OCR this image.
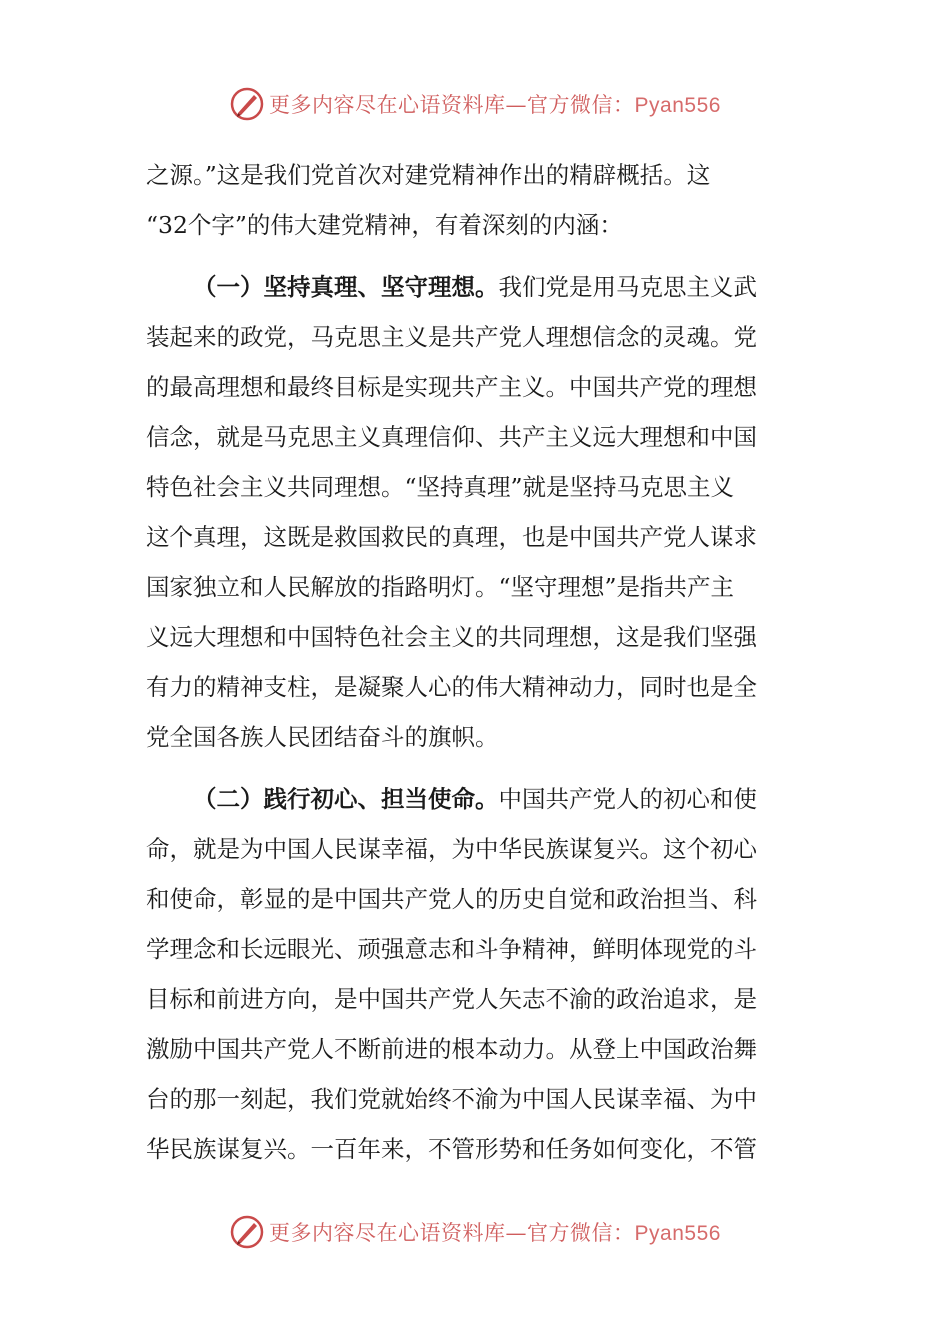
更多内容尽在心语资料库—官方微信：Pyan556
之源。”这是我们党首次对建党精神作出的精辟概括。这
“32个字”的伟大建党精神，有着深刻的内涵：
  （一）坚持真理、坚守理想。我们党是用马克思主义武
装起来的政党，马克思主义是共产党人理想信念的灵魂。党
的最高理想和最终目标是实现共产主义。中国共产党的理想
信念，就是马克思主义真理信仰、共产主义远大理想和中国
特色社会主义共同理想。“坚持真理”就是坚持马克思主义
这个真理，这既是救国救民的真理，也是中国共产党人谋求
国家独立和人民解放的指路明灯。“坚守理想”是指共产主
义远大理想和中国特色社会主义的共同理想，这是我们坚强
有力的精神支柱，是凝聚人心的伟大精神动力，同时也是全
党全国各族人民团结奋斗的旗帜。
  （二）践行初心、担当使命。中国共产党人的初心和使
命，就是为中国人民谋幸福，为中华民族谋复兴。这个初心
和使命，彰显的是中国共产党人的历史自觉和政治担当、科
学理念和长远眼光、顽强意志和斗争精神，鲜明体现党的斗
目标和前进方向，是中国共产党人矢志不渝的政治追求，是
激励中国共产党人不断前进的根本动力。从登上中国政治舞
台的那一刻起，我们党就始终不渝为中国人民谋幸福、为中
华民族谋复兴。一百年来，不管形势和任务如何变化，不管
更多内容尽在心语资料库—官方微信：Pyan556
